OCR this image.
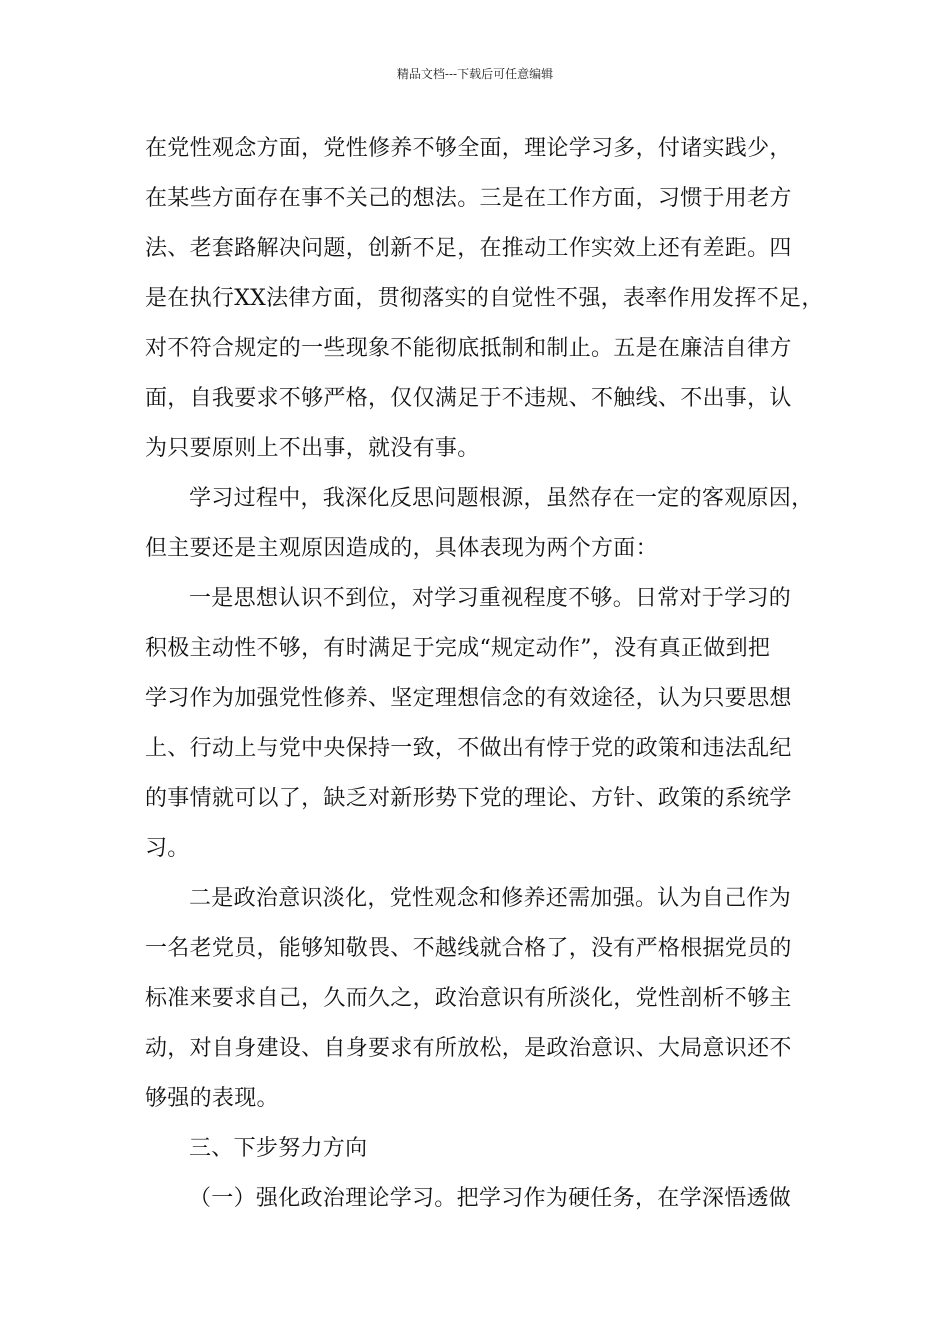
精品文档---下载后可任意编辑
在党性观念方面，党性修养不够全面，理论学习多，付诸实践少，
在某些方面存在事不关己的想法。三是在工作方面，习惯于用老方
法、老套路解决问题，创新不足，在推动工作实效上还有差距。四
是在执行XX法律方面，贯彻落实的自觉性不强，表率作用发挥不足，
对不符合规定的一些现象不能彻底抵制和制止。五是在廉洁自律方
面，自我要求不够严格，仅仅满足于不违规、不触线、不出事，认
为只要原则上不出事，就没有事。
学习过程中，我深化反思问题根源，虽然存在一定的客观原因，
但主要还是主观原因造成的，具体表现为两个方面：
一是思想认识不到位，对学习重视程度不够。日常对于学习的
积极主动性不够，有时满足于完成“规定动作”，没有真正做到把
学习作为加强党性修养、坚定理想信念的有效途径，认为只要思想
上、行动上与党中央保持一致，不做出有悖于党的政策和违法乱纪
的事情就可以了，缺乏对新形势下党的理论、方针、政策的系统学
习。
二是政治意识淡化，党性观念和修养还需加强。认为自己作为
一名老党员，能够知敬畏、不越线就合格了，没有严格根据党员的
标准来要求自己，久而久之，政治意识有所淡化，党性剖析不够主
动，对自身建设、自身要求有所放松，是政治意识、大局意识还不
够强的表现。
三、下步努力方向
（一）强化政治理论学习。把学习作为硬任务，在学深悟透做
